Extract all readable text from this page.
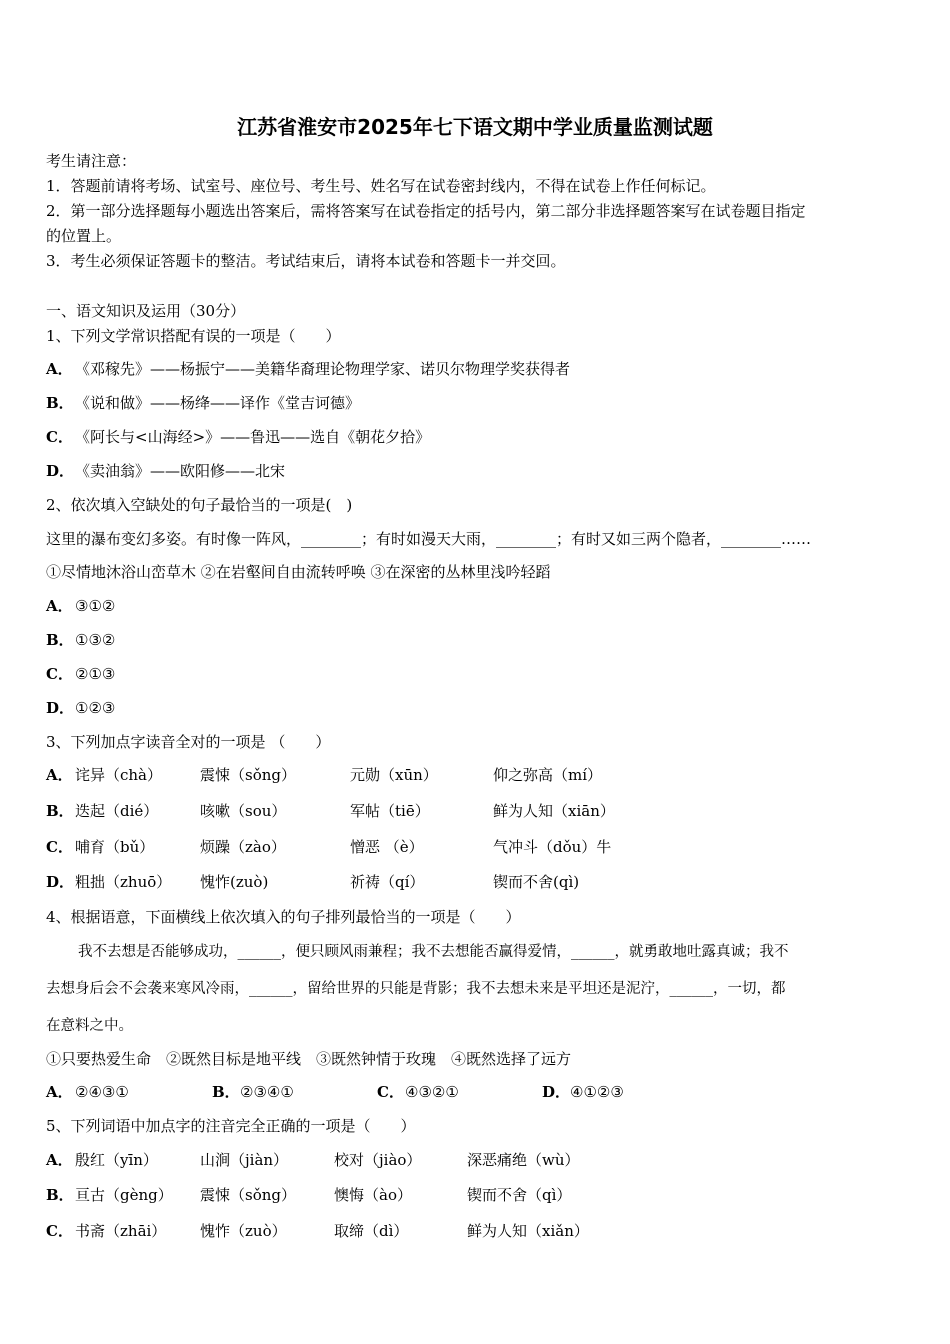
江苏省淮安市2025年七下语文期中学业质量监测试题
考生请注意：
1．答题前请将考场、试室号、座位号、考生号、姓名写在试卷密封线内，不得在试卷上作任何标记。
2．第一部分选择题每小题选出答案后，需将答案写在试卷指定的括号内，第二部分非选择题答案写在试卷题目指定
的位置上。
3．考生必须保证答题卡的整洁。考试结束后，请将本试卷和答题卡一并交回。
一、语文知识及运用（30分）
1、下列文学常识搭配有误的一项是（　　）
A． 《邓稼先》——杨振宁——美籍华裔理论物理学家、诺贝尔物理学奖获得者
B．《说和做》——杨绛——译作《堂吉诃德》
C． 《阿长与<山海经>》——鲁迅——选自《朝花夕拾》
D．《卖油翁》——欧阳修——北宋
2、依次填入空缺处的句子最恰当的一项是(　)
这里的瀑布变幻多姿。有时像一阵风，________；有时如漫天大雨，________；有时又如三两个隐者，________……
①尽情地沐浴山峦草木 ②在岩壑间自由流转呼唤 ③在深密的丛林里浅吟轻蹈
A． ③①②
B．①③②
C． ②①③
D．①②③
3、下列加点字读音全对的一项是 （　　）
A． 诧异（chà）	震悚（sǒng）	元勋（xūn）	仰之弥高（mí）
B． 迭起（dié）	咳嗽（sou）	军帖（tiē）	鲜为人知（xiān）
C． 哺育（bǔ）	烦躁（zào）	憎恶 （è）	气冲斗（dǒu）牛
D． 粗拙（zhuō） 愧怍(zuò)	祈祷（qí）	锲而不舍(qì)
4、根据语意，下面横线上依次填入的句子排列最恰当的一项是（　　）
我不去想是否能够成功，______，便只顾风雨兼程；我不去想能否赢得爱情，______，就勇敢地吐露真诚；我不
去想身后会不会袭来寒风冷雨，______，留给世界的只能是背影；我不去想未来是平坦还是泥泞，______，一切，都
在意料之中。
①只要热爱生命　②既然目标是地平线　③既然钟情于玫瑰　④既然选择了远方
A． ②④③①	B． ②③④①	C． ④③②①	D． ④①②③
5、下列词语中加点字的注音完全正确的一项是（　　）
A． 殷红（yīn）	山涧（jiàn）	校对（jiào）	深恶痛绝（wù）
B． 亘古（gèng） 震悚（sǒng）	懊悔（ào）	锲而不舍（qì）
C． 书斋（zhāi） 愧怍（zuò）	取缔（dì）	鲜为人知（xiǎn）
